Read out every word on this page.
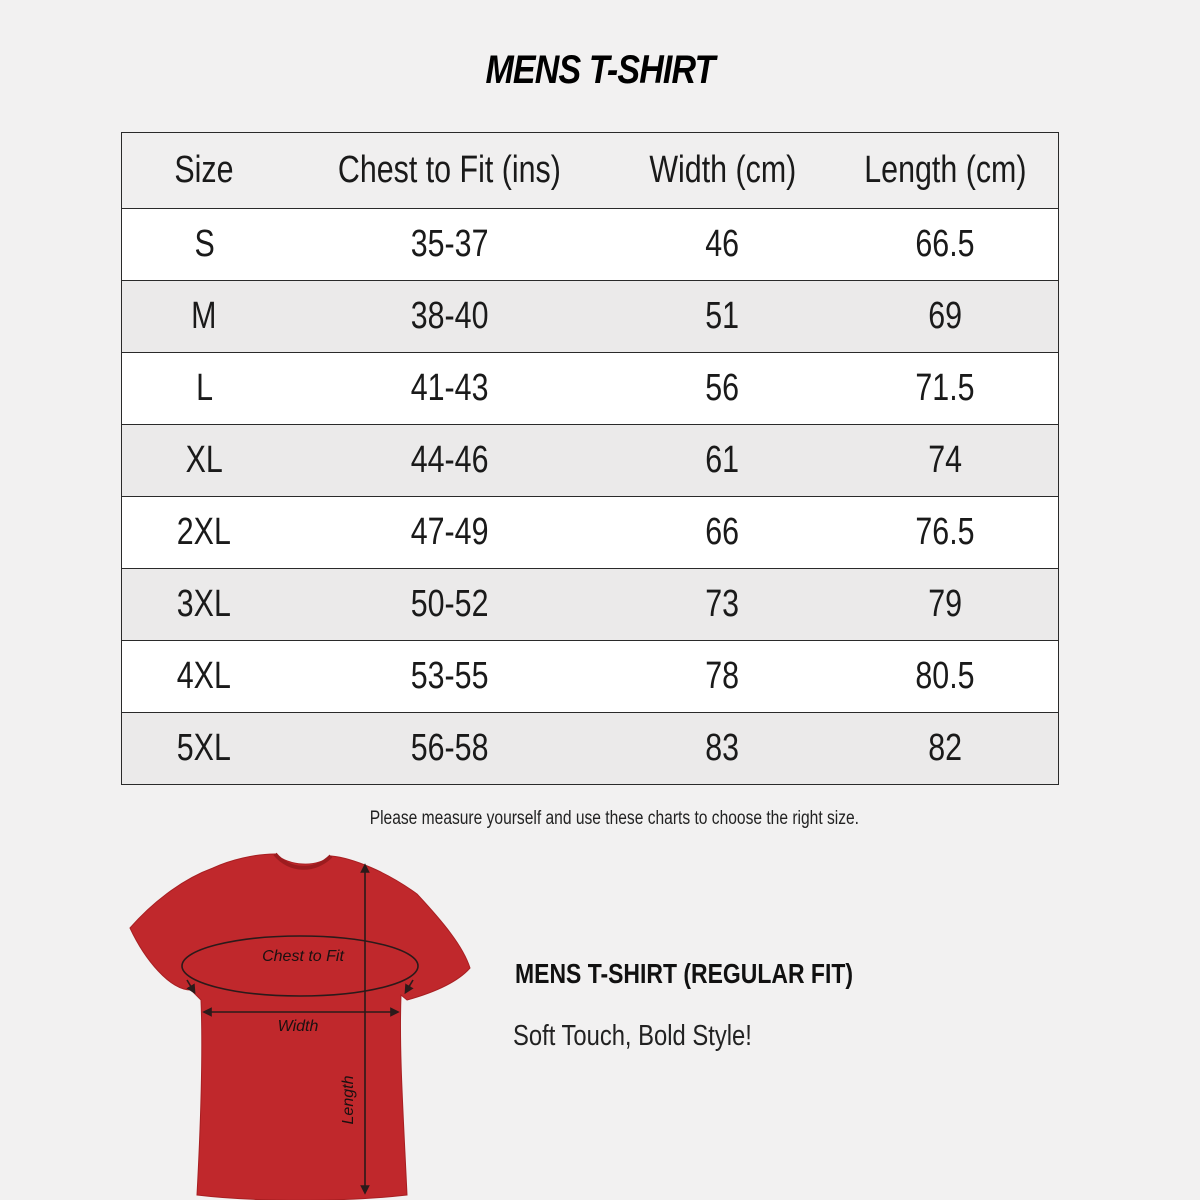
MENS T-SHIRT
Size	Chest to Fit (ins)	Width (cm)	Length (cm)
S	35-37	46	66.5
M	38-40	51	69
L	41-43	56	71.5
XL	44-46	61	74
2XL	47-49	66	76.5
3XL	50-52	73	79
4XL	53-55	78	80.5
5XL	56-58	83	82
Please measure yourself and use these charts to choose the right size.
Chest to Fit
Width
Length
MENS T-SHIRT (REGULAR FIT)
Soft Touch, Bold Style!
